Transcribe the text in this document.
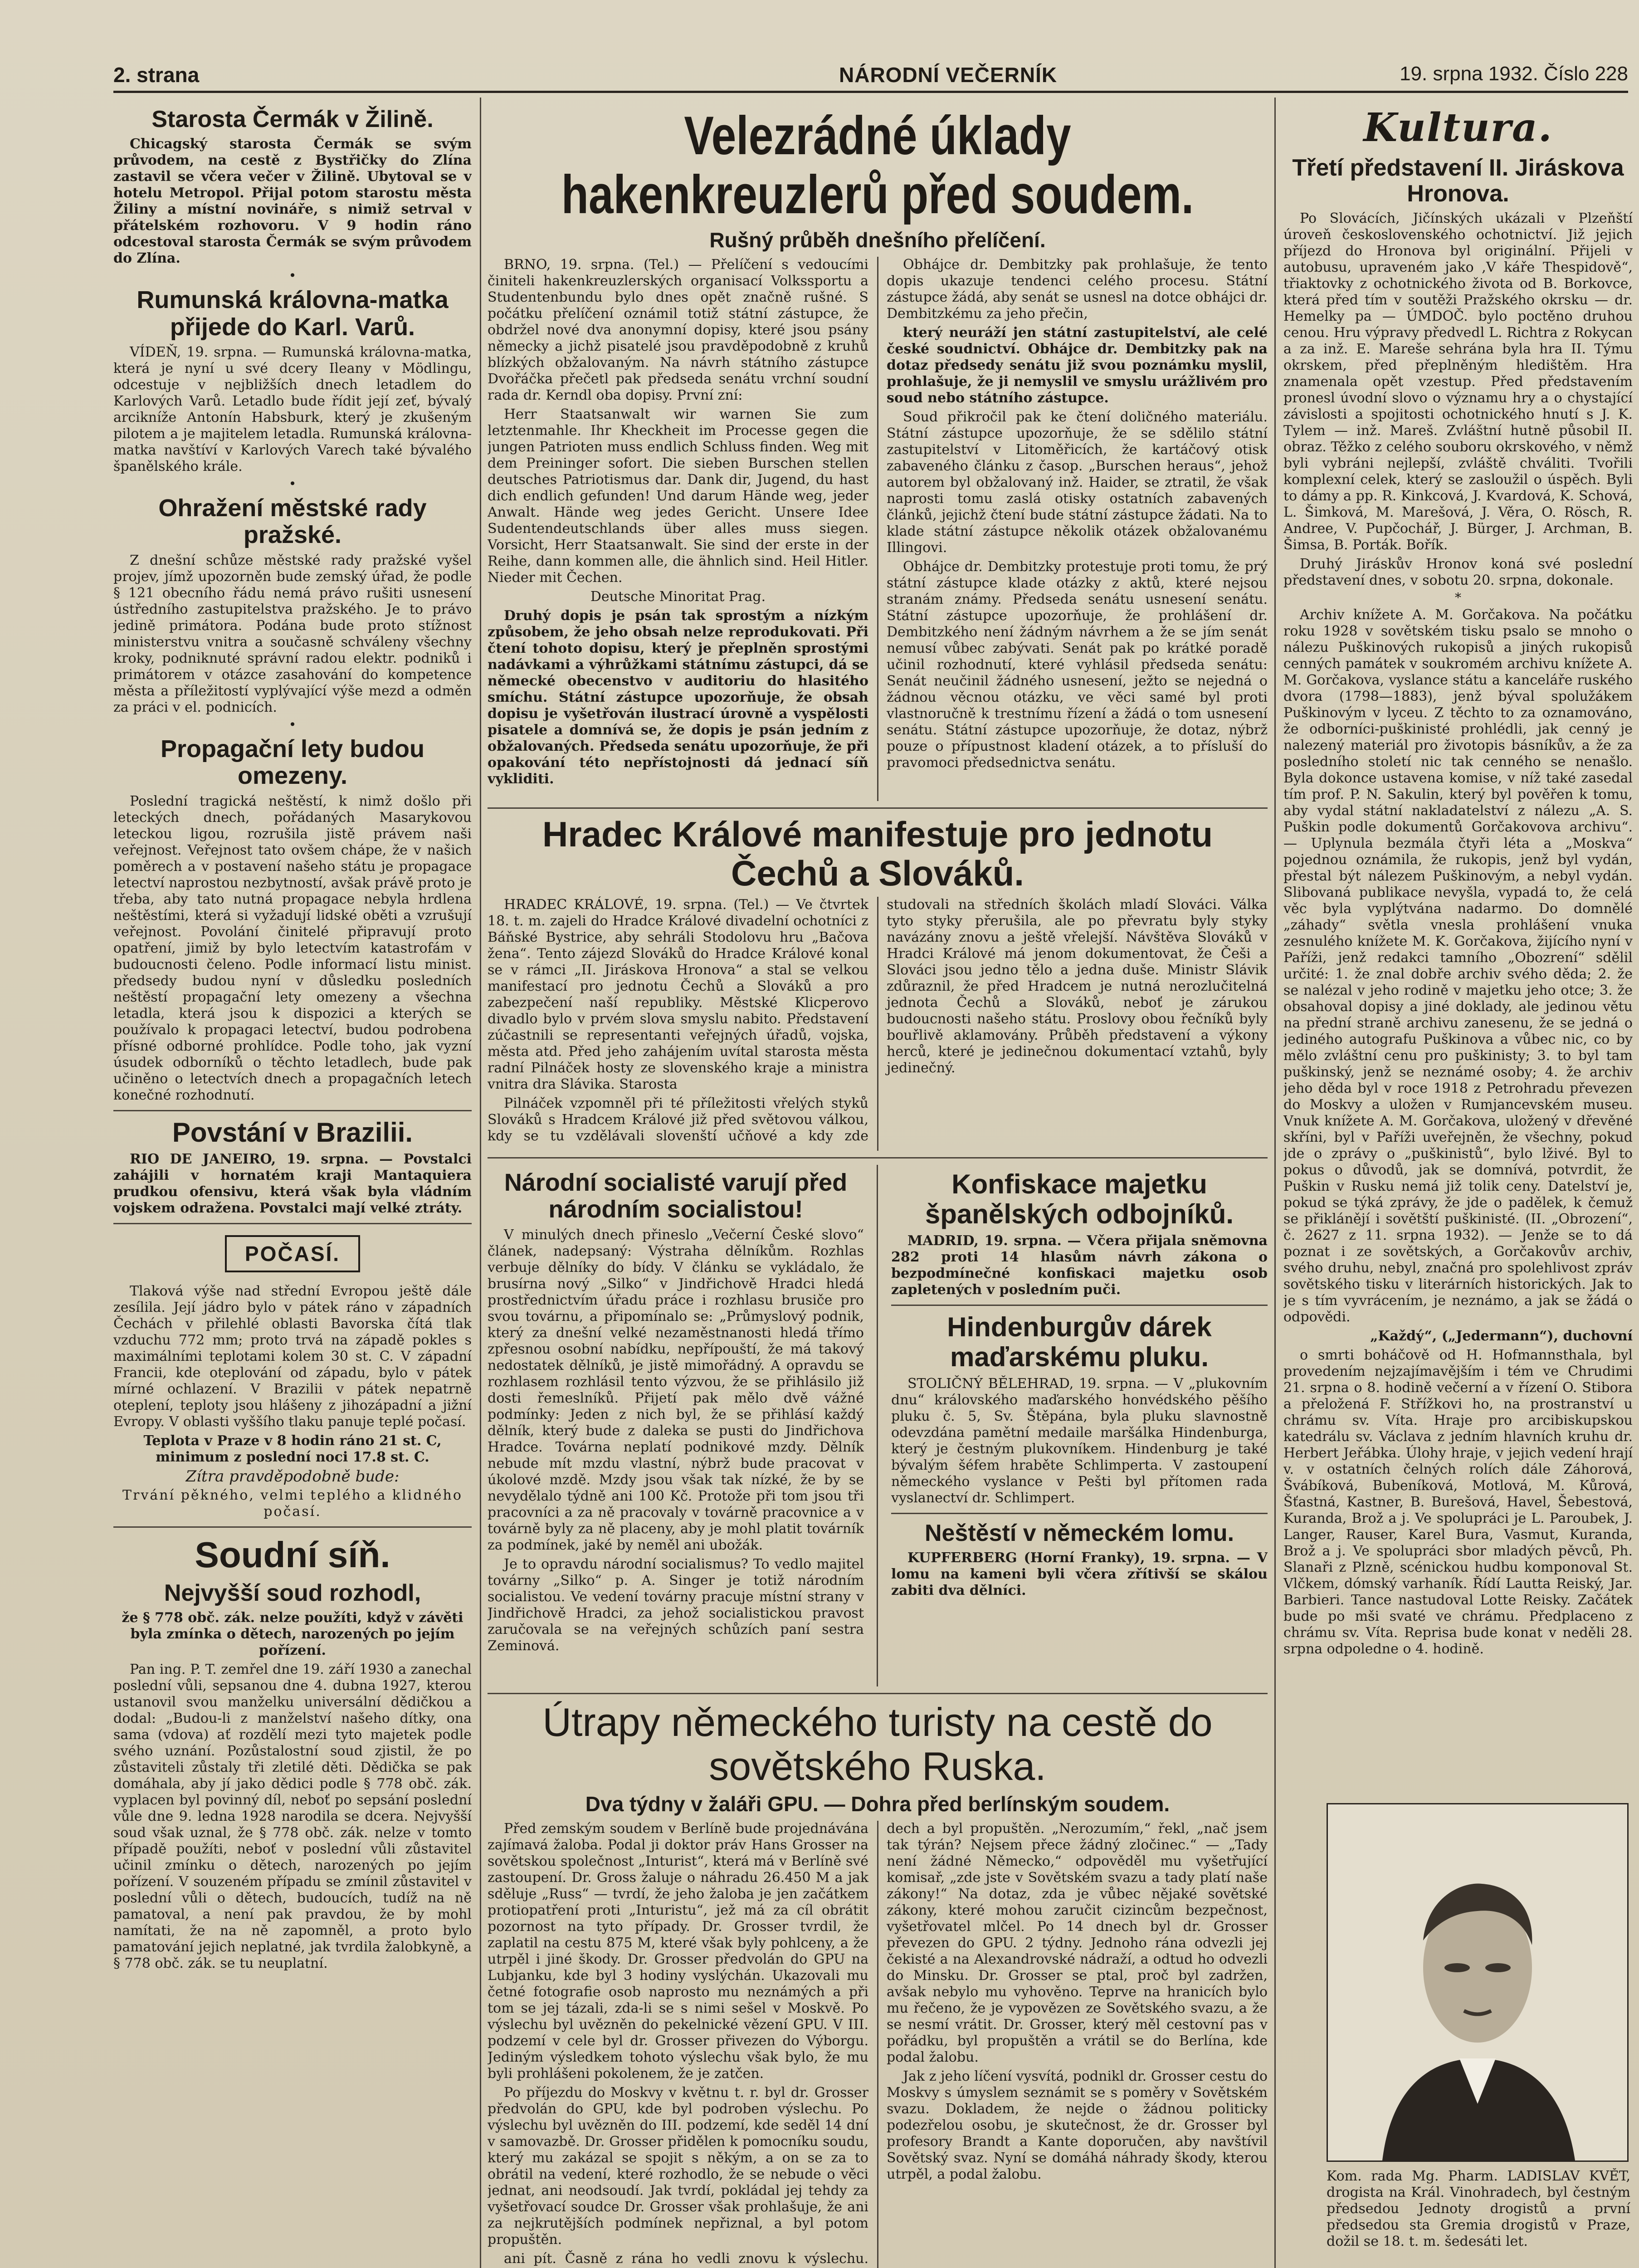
2. strana	NÁRODNÍ VEČERNÍK	19. srpna 1932. Číslo 228
Starosta Čermák v Žilině.
Chicagský starosta Čermák se svým průvodem, na cestě z Bystřičky do Zlína zastavil se včera večer v Žilině. Ubytoval se v hotelu Metropol. Přijal potom starostu města Žiliny a místní novináře, s nimiž setrval v přátelském rozhovoru. V 9 hodin ráno odcestoval starosta Čermák se svým průvodem do Zlína.
•
Rumunská královna-matka přijede do Karl. Varů.
VÍDEŇ, 19. srpna. — Rumunská královna-matka, která je nyní u své dcery Ileany v Mödlingu, odcestuje v nejbližších dnech letadlem do Karlových Varů. Letadlo bude řídit její zeť, bývalý arcikníže Antonín Habsburk, který je zkušeným pilotem a je majitelem letadla. Rumunská královna-matka navštíví v Karlových Varech také bývalého španělského krále.
•
Ohražení městské rady pražské.
Z dnešní schůze městské rady pražské vyšel projev, jímž upozorněn bude zemský úřad, že podle § 121 obecního řádu nemá právo rušiti usnesení ústředního zastupitelstva pražského. Je to právo jedině primátora. Podána bude proto stížnost ministerstvu vnitra a současně schváleny všechny kroky, podniknuté správní radou elektr. podniků i primátorem v otázce zasahování do kompetence města a příležitostí vyplývající výše mezd a odměn za práci v el. podnicích.
•
Propagační lety budou omezeny.
Poslední tragická neštěstí, k nimž došlo při leteckých dnech, pořádaných Masarykovou leteckou ligou, rozrušila jistě právem naši veřejnost. Veřejnost tato ovšem chápe, že v našich poměrech a v postavení našeho státu je propagace letectví naprostou nezbytností, avšak právě proto je třeba, aby tato nutná propagace nebyla hrdlena neštěstími, která si vyžadují lidské oběti a vzrušují veřejnost. Povolání činitelé připravují proto opatření, jimiž by bylo letectvím katastrofám v budoucnosti čeleno. Podle informací listu minist. předsedy budou nyní v důsledku posledních neštěstí propagační lety omezeny a všechna letadla, která jsou k dispozici a kterých se používalo k propagaci letectví, budou podrobena přísné odborné prohlídce. Podle toho, jak vyzní úsudek odborníků o těchto letadlech, bude pak učiněno o letectvích dnech a propagačních letech konečné rozhodnutí.
Povstání v Brazilii.
RIO DE JANEIRO, 19. srpna. — Povstalci zahájili v hornatém kraji Mantaquiera prudkou ofensivu, která však byla vládním vojskem odražena. Povstalci mají velké ztráty.
POČASÍ.
Tlaková výše nad střední Evropou ještě dále zesílila. Její jádro bylo v pátek ráno v západních Čechách v přilehlé oblasti Bavorska čítá tlak vzduchu 772 mm; proto trvá na západě pokles s maximálními teplotami kolem 30 st. C. V západní Francii, kde oteplování od západu, bylo v pátek mírné ochlazení. V Brazilii v pátek nepatrně oteplení, teploty jsou hlášeny z jihozápadní a jižní Evropy. V oblasti vyššího tlaku panuje teplé počasí.
Teplota v Praze v 8 hodin ráno 21 st. C, minimum z poslední noci 17.8 st. C.
Zítra pravděpodobně bude:
Trvání pěkného, velmi teplého a klidného počasí.
Soudní síň.
Nejvyšší soud rozhodl,
že § 778 obč. zák. nelze použíti, když v závěti byla zmínka o dětech, narozených po jejím pořízení.
Pan ing. P. T. zemřel dne 19. září 1930 a zanechal poslední vůli, sepsanou dne 4. dubna 1927, kterou ustanovil svou manželku universální dědičkou a dodal: „Budou-li z manželství našeho dítky, ona sama (vdova) ať rozdělí mezi tyto majetek podle svého uznání. Pozůstalostní soud zjistil, že po zůstaviteli zůstaly tři zletilé děti. Dědička se pak domáhala, aby jí jako dědici podle § 778 obč. zák. vyplacen byl povinný díl, neboť po sepsání poslední vůle dne 9. ledna 1928 narodila se dcera. Nejvyšší soud však uznal, že § 778 obč. zák. nelze v tomto případě použíti, neboť v poslední vůli zůstavitel učinil zmínku o dětech, narozených po jejím pořízení. V souzeném případu se zmínil zůstavitel v poslední vůli o dětech, budoucích, tudíž na ně pamatoval, a není pak pravdou, že by mohl namítati, že na ně zapomněl, a proto bylo pamatování jejich neplatné, jak tvrdila žalobkyně, a § 778 obč. zák. se tu neuplatní.
Velezrádné úklady hakenkreuzlerů před soudem.
Rušný průběh dnešního přelíčení.
BRNO, 19. srpna. (Tel.) — Přelíčení s vedoucími činiteli hakenkreuzlerských organisací Volkssportu a Studentenbundu bylo dnes opět značně rušné. S počátku přelíčení oznámil totiž státní zástupce, že obdržel nové dva anonymní dopisy, které jsou psány německy a jichž pisatelé jsou pravděpodobně z kruhů blízkých obžalovaným. Na návrh státního zástupce Dvořáčka přečetl pak předseda senátu vrchní soudní rada dr. Kerndl oba dopisy. První zní:
Herr Staatsanwalt wir warnen Sie zum letztenmahle. Ihr Kheckheit im Processe gegen die jungen Patrioten muss endlich Schluss finden. Weg mit dem Preininger sofort. Die sieben Burschen stellen deutsches Patriotismus dar. Dank dir, Jugend, du hast dich endlich gefunden! Und darum Hände weg, jeder Anwalt. Hände weg jedes Gericht. Unsere Idee Sudentendeutschlands über alles muss siegen. Vorsicht, Herr Staatsanwalt. Sie sind der erste in der Reihe, dann kommen alle, die ähnlich sind. Heil Hitler. Nieder mit Čechen.
Deutsche Minoritat Prag.
Druhý dopis je psán tak sprostým a nízkým způsobem, že jeho obsah nelze reprodukovati. Při čtení tohoto dopisu, který je přeplněn sprostými nadávkami a výhrůžkami státnímu zástupci, dá se německé obecenstvo v auditoriu do hlasitého smíchu. Státní zástupce upozorňuje, že obsah dopisu je vyšetřován ilustrací úrovně a vyspělosti pisatele a domnívá se, že dopis je psán jedním z obžalovaných. Předseda senátu upozorňuje, že při opakování této nepřístojnosti dá jednací síň vykliditi.
Obhájce dr. Dembitzky pak prohlašuje, že tento dopis ukazuje tendenci celého procesu. Státní zástupce žádá, aby senát se usnesl na dotce obhájci dr. Dembitzkému za jeho přečin,
který neuráží jen státní zastupitelství, ale celé české soudnictví. Obhájce dr. Dembitzky pak na dotaz předsedy senátu již svou poznámku myslil, prohlašuje, že ji nemyslil ve smyslu urážlivém pro soud nebo státního zástupce.
Soud přikročil pak ke čtení doličného materiálu. Státní zástupce upozorňuje, že se sdělilo státní zastupitelství v Litoměřicích, že kartáčový otisk zabaveného článku z časop. „Burschen heraus“, jehož autorem byl obžalovaný inž. Haider, se ztratil, že však naprosti tomu zaslá otisky ostatních zabavených článků, jejichž čtení bude státní zástupce žádati. Na to klade státní zástupce několik otázek obžalovanému Illingovi.
Obhájce dr. Dembitzky protestuje proti tomu, že prý státní zástupce klade otázky z aktů, které nejsou stranám známy. Předseda senátu usnesení senátu. Státní zástupce upozorňuje, že prohlášení dr. Dembitzkého není žádným návrhem a že se jím senát nemusí vůbec zabývati. Senát pak po krátké poradě učinil rozhodnutí, které vyhlásil předseda senátu: Senát neučinil žádného usnesení, ježto se nejedná o žádnou věcnou otázku, ve věci samé byl proti vlastnoručně k trestnímu řízení a žádá o tom usnesení senátu. Státní zástupce upozorňuje, že dotaz, nýbrž pouze o přípustnost kladení otázek, a to přísluší do pravomoci předsednictva senátu.
Hradec Králové manifestuje pro jednotu Čechů a Slováků.
HRADEC KRÁLOVÉ, 19. srpna. (Tel.) — Ve čtvrtek 18. t. m. zajeli do Hradce Králové divadelní ochotníci z Báňské Bystrice, aby sehráli Stodolovu hru „Bačova žena“. Tento zájezd Slováků do Hradce Králové konal se v rámci „II. Jiráskova Hronova“ a stal se velkou manifestací pro jednotu Čechů a Slováků a pro zabezpečení naší republiky. Městské Klicperovo divadlo bylo v prvém slova smyslu nabito. Představení zúčastnili se representanti veřejných úřadů, vojska, města atd. Před jeho zahájením uvítal starosta města radní Pilnáček hosty ze slovenského kraje a ministra vnitra dra Slávika. Starosta
Pilnáček vzpomněl při té příležitosti vřelých styků Slováků s Hradcem Králové již před světovou válkou, kdy se tu vzdělávali slovenští učňové a kdy zde studovali na středních školách mladí Slováci. Válka tyto styky přerušila, ale po převratu byly styky navázány znovu a ještě vřelejší. Návštěva Slováků v Hradci Králové má jenom dokumentovat, že Češi a Slováci jsou jedno tělo a jedna duše. Ministr Slávik zdůraznil, že před Hradcem je nutná nerozlučitelná jednota Čechů a Slováků, neboť je zárukou budoucnosti našeho státu. Proslovy obou řečníků byly bouřlivě aklamovány. Průběh představení a výkony herců, které je jedinečnou dokumentací vztahů, byly jedinečný.
Národní socialisté varují před národním socialistou!
V minulých dnech přineslo „Večerní České slovo“ článek, nadepsaný: Výstraha dělníkům. Rozhlas verbuje dělníky do bídy. V článku se vykládalo, že brusírna nový „Silko“ v Jindřichově Hradci hledá prostřednictvím úřadu práce i rozhlasu brusiče pro svou továrnu, a připomínalo se: „Průmyslový podnik, který za dnešní velké nezaměstnanosti hledá třímo zpřesnou osobní nabídku, nepřípouští, že má takový nedostatek dělníků, je jistě mimořádný. A opravdu se rozhlasem rozhlásil tento výzvou, že se přihlásilo již dosti řemeslníků. Přijetí pak mělo dvě vážné podmínky: Jeden z nich byl, že se přihlásí každý dělník, který bude z daleka se pusti do Jindřichova Hradce. Továrna neplatí podnikové mzdy. Dělník nebude mít mzdu vlastní, nýbrž bude pracovat v úkolové mzdě. Mzdy jsou však tak nízké, že by se nevydělalo týdně ani 100 Kč. Protože při tom jsou tři pracovníci a za ně pracovaly v továrně pracovnice a v továrně byly za ně placeny, aby je mohl platit továrník za podmínek, jaké by neměl ani ubožák.
Je to opravdu národní socialismus? To vedlo majitel továrny „Silko“ p. A. Singer je totiž národním socialistou. Ve vedení továrny pracuje místní strany v Jindřichově Hradci, za jehož socialistickou pravost zaručovala se na veřejných schůzích paní sestra Zeminová.
Konfiskace majetku španělských odbojníků.
MADRID, 19. srpna. — Včera přijala sněmovna 282 proti 14 hlasům návrh zákona o bezpodmínečné konfiskaci majetku osob zapletených v posledním puči.
Hindenburgův dárek maďarskému pluku.
STOLIČNÝ BĚLEHRAD, 19. srpna. — V „plukovním dnu“ královského maďarského honvédského pěšího pluku č. 5, Sv. Štěpána, byla pluku slavnostně odevzdána pamětní medaile maršálka Hindenburga, který je čestným plukovníkem. Hindenburg je také bývalým šéfem hraběte Schlimperta. V zastoupení německého vyslance v Pešti byl přítomen rada vyslanectví dr. Schlimpert.
Neštěstí v německém lomu.
KUPFERBERG (Horní Franky), 19. srpna. — V lomu na kameni byli včera zřítivší se skálou zabiti dva dělníci.
Útrapy německého turisty na cestě do sovětského Ruska.
Dva týdny v žaláři GPU. — Dohra před berlínským soudem.
Před zemským soudem v Berlíně bude projednávána zajímavá žaloba. Podal ji doktor práv Hans Grosser na sovětskou společnost „Inturist“, která má v Berlíně své zastoupení. Dr. Gross žaluje o náhradu 26.450 M a jak sděluje „Russ“ — tvrdí, že jeho žaloba je jen začátkem protiopatření proti „Inturistu“, jež má za cíl obrátit pozornost na tyto případy. Dr. Grosser tvrdil, že zaplatil na cestu 875 M, které však byly pohlceny, a že utrpěl i jiné škody. Dr. Grosser předvolán do GPU na Lubjanku, kde byl 3 hodiny vyslýchán. Ukazovali mu četné fotografie osob naprosto mu neznámých a při tom se jej tázali, zda-li se s nimi sešel v Moskvě. Po výslechu byl uvězněn do pekelnické vězení GPU. V III. podzemí v cele byl dr. Grosser přivezen do Výborgu. Jediným výsledkem tohoto výslechu však bylo, že mu byli prohlášeni pokolenem, že je zatčen.
Po příjezdu do Moskvy v květnu t. r. byl dr. Grosser předvolán do GPU, kde byl podroben výslechu. Po výslechu byl uvězněn do III. podzemí, kde seděl 14 dní v samovazbě. Dr. Grosser přidělen k pomocníku soudu, který mu zakázal se spojit s někým, a on se za to obrátil na vedení, které rozhodlo, že se nebude o věci jednat, ani neodsoudí. Jak tvrdí, pokládal jej tehdy za vyšetřovací soudce Dr. Grosser však prohlašuje, že ani za nejkrutějších podmínek nepřiznal, a byl potom propuštěn.
ani pít. Časně z rána ho vedli znovu k výslechu. dech a byl propuštěn. „Nerozumím,“ řekl, „nač jsem tak týrán? Nejsem přece žádný zločinec.“ — „Tady není žádné Německo,“ odpověděl mu vyšetřující komisař, „zde jste v Sovětském svazu a tady platí naše zákony!“ Na dotaz, zda je vůbec nějaké sovětské zákony, které mohou zaručit cizincům bezpečnost, vyšetřovatel mlčel. Po 14 dnech byl dr. Grosser převezen do GPU. 2 týdny. Jednoho rána odvezli jej čekisté a na Alexandrovské nádraží, a odtud ho odvezli do Minsku. Dr. Grosser se ptal, proč byl zadržen, avšak nebylo mu vyhověno. Teprve na hranicích bylo mu řečeno, že je vypovězen ze Sovětského svazu, a že se nesmí vrátit. Dr. Grosser, který měl cestovní pas v pořádku, byl propuštěn a vrátil se do Berlína, kde podal žalobu.
Jak z jeho líčení vysvítá, podnikl dr. Grosser cestu do Moskvy s úmyslem seznámit se s poměry v Sovětském svazu. Dokladem, že nejde o žádnou politicky podezřelou osobu, je skutečnost, že dr. Grosser byl profesory Brandt a Kante doporučen, aby navštívil Sovětský svaz. Nyní se domáhá náhrady škody, kterou utrpěl, a podal žalobu.
Kultura.
Třetí představení II. Jiráskova Hronova.
Po Slovácích, Jičínských ukázali v Plzeňští úroveň československého ochotnictví. Již jejich příjezd do Hronova byl originální. Přijeli v autobusu, upraveném jako ,V káře Thespidově“, třiaktovky z ochotnického života od B. Borkovce, která před tím v soutěži Pražského okrsku — dr. Hemelky pa — ÚMDOČ. bylo poctěno druhou cenou. Hru výpravy předvedl L. Richtra z Rokycan a za inž. E. Mareše sehrána byla hra II. Týmu okrskem, před přeplněným hledištěm. Hra znamenala opět vzestup. Před představením pronesl úvodní slovo o významu hry a o chystající závislosti a spojitosti ochotnického hnutí s J. K. Tylem — inž. Mareš. Zvláštní hutně působil II. obraz. Těžko z celého souboru okrskového, v němž byli vybráni nejlepší, zvláště chváliti. Tvořili komplexní celek, který se zasloužil o úspěch. Byli to dámy a pp. R. Kinkcová, J. Kvardová, K. Schová, L. Šimková, M. Marešová, J. Věra, O. Rösch, R. Andree, V. Pupčochář, J. Bürger, J. Archman, B. Šimsa, B. Porták. Bořík.
Druhý Jiráskův Hronov koná své poslední představení dnes, v sobotu 20. srpna, dokonale.
*
Archiv knížete A. M. Gorčakova. Na počátku roku 1928 v sovětském tisku psalo se mnoho o nálezu Puškinových rukopisů a jiných rukopisů cenných památek v soukromém archivu knížete A. M. Gorčakova, vyslance státu a kanceláře ruského dvora (1798—1883), jenž býval spolužákem Puškinovým v lyceu. Z těchto to za oznamováno, že odborníci-puškinisté prohlédli, jak cenný je nalezený materiál pro životopis básníkův, a že za posledního století nic tak cenného se nenašlo. Byla dokonce ustavena komise, v níž také zasedal tím prof. P. N. Sakulin, který byl pověřen k tomu, aby vydal státní nakladatelství z nálezu „A. S. Puškin podle dokumentů Gorčakovova archivu“. — Uplynula bezmála čtyři léta a „Moskva“ pojednou oznámila, že rukopis, jenž byl vydán, přestal být nálezem Puškinovým, a nebyl vydán. Slibovaná publikace nevyšla, vypadá to, že celá věc byla vyplýtvána nadarmo. Do domnělé „záhady“ světla vnesla prohlášení vnuka zesnulého knížete M. K. Gorčakova, žijícího nyní v Paříži, jenž redakci tamního „Obozrení“ sdělil určité: 1. že znal dobře archiv svého děda; 2. že se nalézal v jeho rodině v majetku jeho otce; 3. že obsahoval dopisy a jiné doklady, ale jedinou větu na přední straně archivu zanesenu, že se jedná o jediného autografu Puškinova a vůbec nic, co by mělo zvláštní cenu pro puškinisty; 3. to byl tam puškinský, jenž se neznámé osoby; 4. že archiv jeho děda byl v roce 1918 z Petrohradu převezen do Moskvy a uložen v Rumjancevském museu. Vnuk knížete A. M. Gorčakova, uložený v dřevěné skříni, byl v Paříži uveřejněn, že všechny, pokud jde o zprávy o „puškinistů“, bylo lživé. Byl to pokus o důvodů, jak se domnívá, potvrdit, že Puškin v Rusku nemá již tolik ceny. Datelství je, pokud se týká zprávy, že jde o padělek, k čemuž se přiklánějí i sovětští puškinisté. (II. „Obrození“, č. 2627 z 11. srpna 1932). — Jenže se to dá poznat i ze sovětských, a Gorčakovův archiv, svého druhu, nebyl, značná pro spolehlivost zpráv sovětského tisku v literárních historických. Jak to je s tím vyvrácením, je neznámo, a jak se žádá o odpovědi.
„Každý“, („Jedermann“), duchovní
o smrti boháčově od H. Hofmannsthala, byl provedením nejzajímavějším i tém ve Chrudimi 21. srpna o 8. hodině večerní a v řízení O. Stibora a přeložená F. Střížkovi ho, na prostranství u chrámu sv. Víta. Hraje pro arcibiskupskou katedrálu sv. Václava z jedním hlavních kruhu dr. Herbert Jeřábka. Úlohy hraje, v jejich vedení hrají v. v ostatních čelných rolích dále Záhorová, Švábíková, Bubeníková, Motlová, M. Kůrová, Šťastná, Kastner, B. Burešová, Havel, Šebestová, Kuranda, Brož a j. Ve spolupráci je L. Paroubek, J. Langer, Rauser, Karel Bura, Vasmut, Kuranda, Brož a j. Ve spolupráci sbor mladých pěvců, Ph. Slanaři z Plzně, scénickou hudbu komponoval St. Vlčkem, dómský varhaník. Řídí Lautta Reiský, Jar. Barbieri. Tance nastudoval Lotte Reisky. Začátek bude po mši svaté ve chrámu. Předplaceno z chrámu sv. Víta. Reprisa bude konat v neděli 28. srpna odpoledne o 4. hodině.
Kom. rada Mg. Pharm. LADISLAV KVĚT, drogista na Král. Vinohradech, byl čestným předsedou Jednoty drogistů a první předsedou sta Gremia drogistů v Praze, dožil se 18. t. m. šedesáti let.
